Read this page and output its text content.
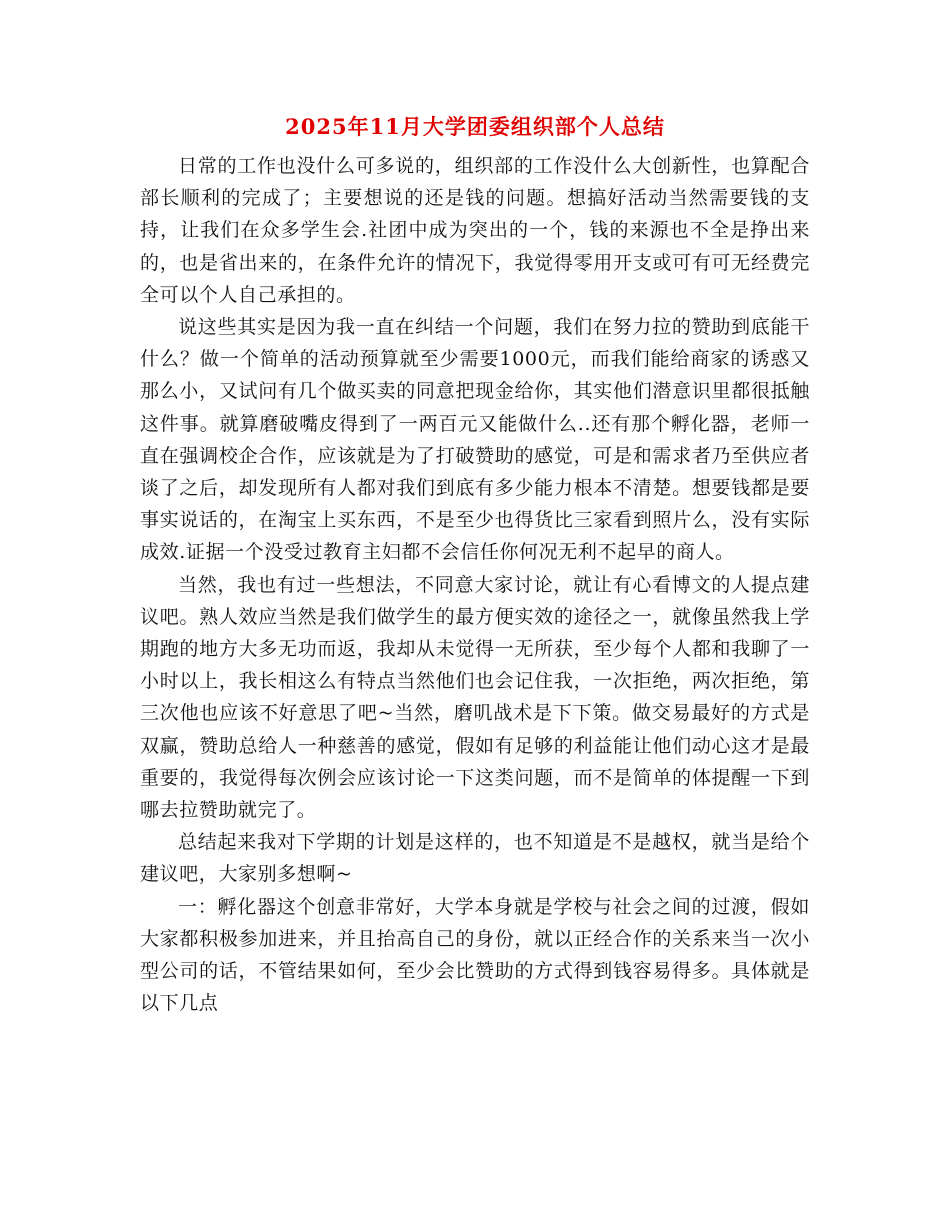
2025年11月大学团委组织部个人总结

日常的工作也没什么可多说的，组织部的工作没什么大创新性，也算配合部长顺利的完成了；主要想说的还是钱的问题。想搞好活动当然需要钱的支持，让我们在众多学生会.社团中成为突出的一个，钱的来源也不全是挣出来的，也是省出来的，在条件允许的情况下，我觉得零用开支或可有可无经费完全可以个人自己承担的。

说这些其实是因为我一直在纠结一个问题，我们在努力拉的赞助到底能干什么？做一个简单的活动预算就至少需要1000元，而我们能给商家的诱惑又那么小，又试问有几个做买卖的同意把现金给你，其实他们潜意识里都很抵触这件事。就算磨破嘴皮得到了一两百元又能做什么..还有那个孵化器，老师一直在强调校企合作，应该就是为了打破赞助的感觉，可是和需求者乃至供应者谈了之后，却发现所有人都对我们到底有多少能力根本不清楚。想要钱都是要事实说话的，在淘宝上买东西，不是至少也得货比三家看到照片么，没有实际成效.证据一个没受过教育主妇都不会信任你何况无利不起早的商人。

当然，我也有过一些想法，不同意大家讨论，就让有心看博文的人提点建议吧。熟人效应当然是我们做学生的最方便实效的途径之一，就像虽然我上学期跑的地方大多无功而返，我却从未觉得一无所获，至少每个人都和我聊了一小时以上，我长相这么有特点当然他们也会记住我，一次拒绝，两次拒绝，第三次他也应该不好意思了吧~当然，磨叽战术是下下策。做交易最好的方式是双赢，赞助总给人一种慈善的感觉，假如有足够的利益能让他们动心这才是最重要的，我觉得每次例会应该讨论一下这类问题，而不是简单的体提醒一下到哪去拉赞助就完了。

总结起来我对下学期的计划是这样的，也不知道是不是越权，就当是给个建议吧，大家别多想啊~

一：孵化器这个创意非常好，大学本身就是学校与社会之间的过渡，假如大家都积极参加进来，并且抬高自己的身份，就以正经合作的关系来当一次小型公司的话，不管结果如何，至少会比赞助的方式得到钱容易得多。具体就是以下几点
